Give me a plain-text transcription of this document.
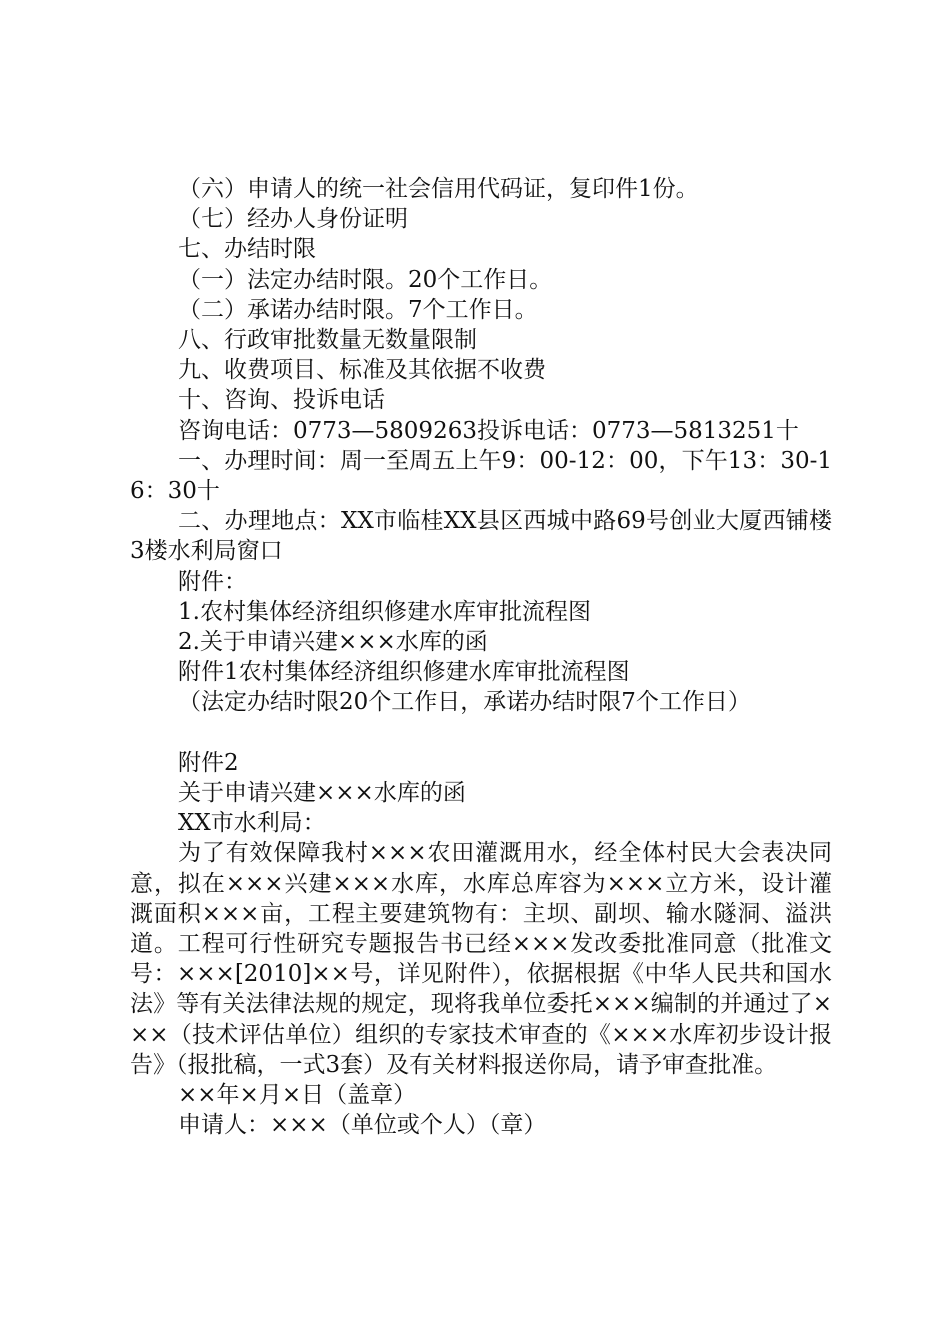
（六）申请人的统一社会信用代码证，复印件1份。

（七）经办人身份证明

七、办结时限

（一）法定办结时限。20个工作日。

（二）承诺办结时限。7个工作日。

八、行政审批数量无数量限制

九、收费项目、标准及其依据不收费

十、咨询、投诉电话

咨询电话：0773—5809263投诉电话：0773—5813251十

一、办理时间：周一至周五上午9：00-12：00，下午13：30-16：30十

二、办理地点：XX市临桂XX县区西城中路69号创业大厦西铺楼3楼水利局窗口

附件：

1.农村集体经济组织修建水库审批流程图

2.关于申请兴建×××水库的函

附件1农村集体经济组织修建水库审批流程图

（法定办结时限20个工作日，承诺办结时限7个工作日）

附件2

关于申请兴建×××水库的函

XX市水利局：

为了有效保障我村×××农田灌溉用水，经全体村民大会表决同意，拟在×××兴建×××水库，水库总库容为×××立方米，设计灌溉面积×××亩，工程主要建筑物有：主坝、副坝、输水隧洞、溢洪道。工程可行性研究专题报告书已经×××发改委批准同意（批准文号：×××[2010]××号，详见附件），依据根据《中华人民共和国水法》等有关法律法规的规定，现将我单位委托×××编制的并通过了×××（技术评估单位）组织的专家技术审查的《×××水库初步设计报告》（报批稿，一式3套）及有关材料报送你局，请予审查批准。

××年×月×日（盖章）

申请人：×××（单位或个人）（章）
